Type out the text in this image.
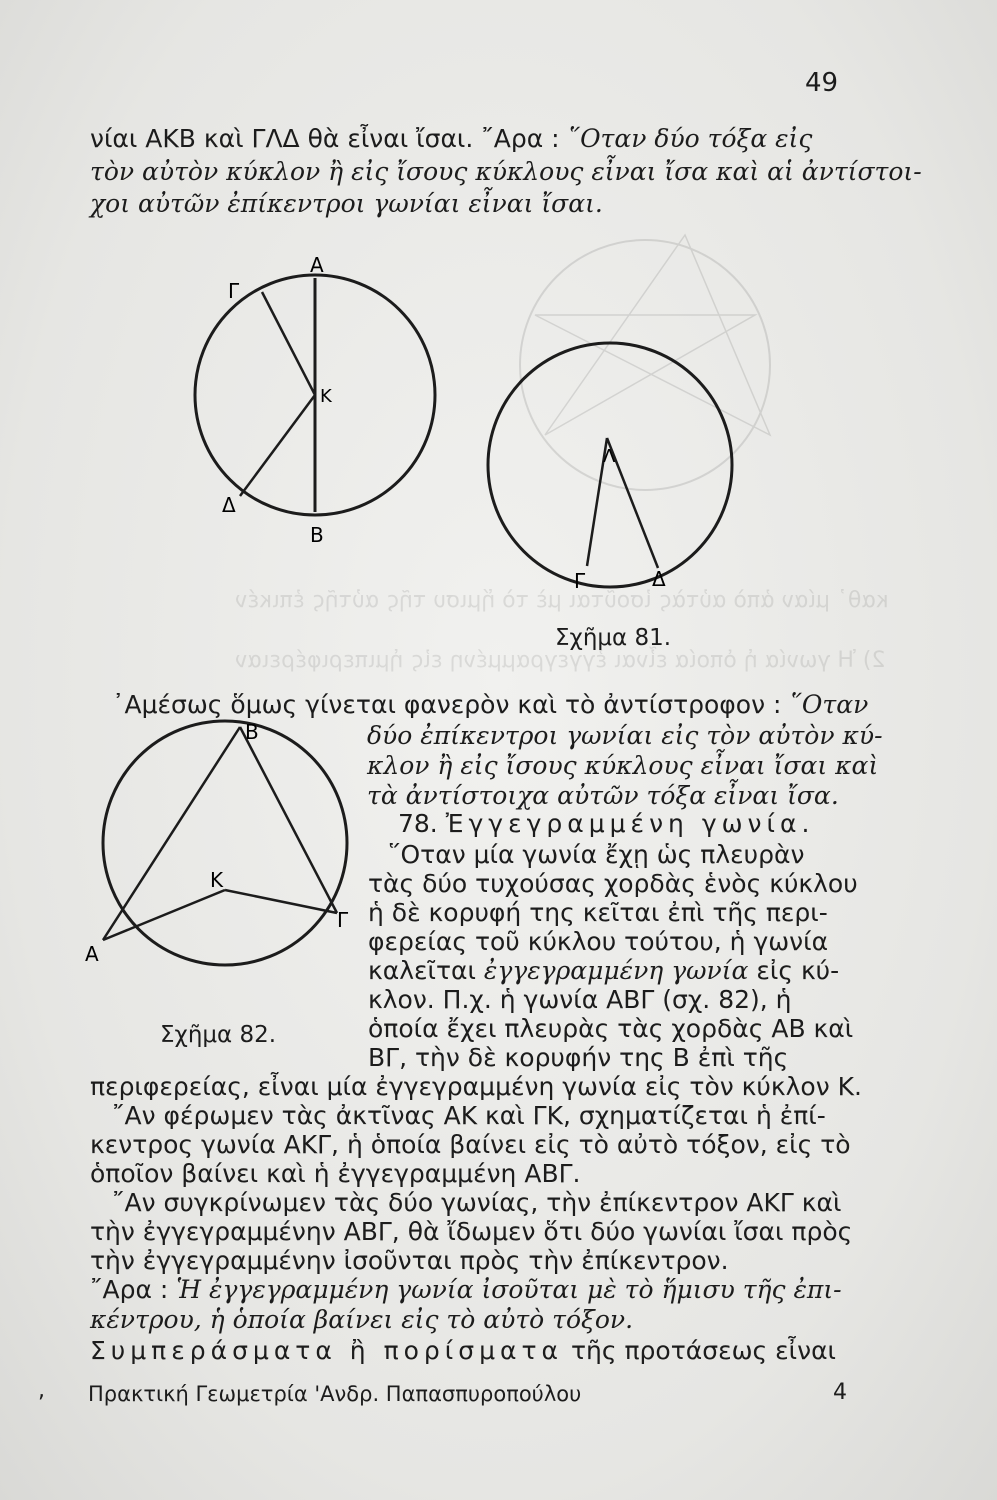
καθ᾿ μίαν ἀπὸ αὐτὰς ἰσοῦται μὲ τὸ ἥμισυ τῆς αὐτῆς ἐπικέν
2) Ἡ γωνία ἡ ὁποία εἶναι ἐγγεγραμμένη εἰς ἡμιπεριφέρειαν
49
νίαι ΑΚΒ καὶ ΓΛΔ θὰ εἶναι ἴσαι. ῎Αρα : ῞Οταν δύο τόξα εἰς
τὸν αὐτὸν κύκλον ἢ εἰς ἴσους κύκλους εἶναι ἴσα καὶ αἱ ἀντίστοι-
χοι αὐτῶν ἐπίκεντροι γωνίαι εἶναι ἴσαι.
Α
Γ
Κ
Δ
Β
Λ
Γ	Δ
Σχῆμα 81.
᾿Αμέσως ὅμως γίνεται φανερὸν καὶ τὸ ἀντίστροφον : ῞Οταν
δύο ἐπίκεντροι γωνίαι εἰς τὸν αὐτὸν κύ-
κλον ἢ εἰς ἴσους κύκλους εἶναι ἴσαι καὶ
τὰ ἀντίστοιχα αὐτῶν τόξα εἶναι ἴσα.
Β
Κ
Γ
Α
Σχῆμα 82.
78. Ἐγγεγραμμένη γωνία.
῞Οταν μία γωνία ἔχῃ ὡς πλευρὰν
τὰς δύο τυχούσας χορδὰς ἑνὸς κύκλου
ἡ δὲ κορυφή της κεῖται ἐπὶ τῆς περι-
φερείας τοῦ κύκλου τούτου, ἡ γωνία
καλεῖται ἐγγεγραμμένη γωνία εἰς κύ-
κλον. Π.χ. ἡ γωνία ΑΒΓ (σχ. 82), ἡ
ὁποία ἔχει πλευρὰς τὰς χορδὰς ΑΒ καὶ
ΒΓ, τὴν δὲ κορυφήν της Β ἐπὶ τῆς
περιφερείας, εἶναι μία ἐγγεγραμμένη γωνία εἰς τὸν κύκλον Κ.
῎Αν φέρωμεν τὰς ἀκτῖνας ΑΚ καὶ ΓΚ, σχηματίζεται ἡ ἐπί-
κεντρος γωνία ΑΚΓ, ἡ ὁποία βαίνει εἰς τὸ αὐτὸ τόξον, εἰς τὸ
ὁποῖον βαίνει καὶ ἡ ἐγγεγραμμένη ΑΒΓ.
῎Αν συγκρίνωμεν τὰς δύο γωνίας, τὴν ἐπίκεντρον ΑΚΓ καὶ
τὴν ἐγγεγραμμένην ΑΒΓ, θὰ ἴδωμεν ὅτι δύο γωνίαι ἴσαι πρὸς
τὴν ἐγγεγραμμένην ἰσοῦνται πρὸς τὴν ἐπίκεντρον.
῎Αρα : Ἡ ἐγγεγραμμένη γωνία ἰσοῦται μὲ τὸ ἥμισυ τῆς ἐπι-
κέντρου, ἡ ὁποία βαίνει εἰς τὸ αὐτὸ τόξον.
Συμπεράσματα ἢ πορίσματα τῆς προτάσεως εἶναι
, Πρακτική Γεωμετρία 'Ανδρ. Παπασπυροπούλου	4
